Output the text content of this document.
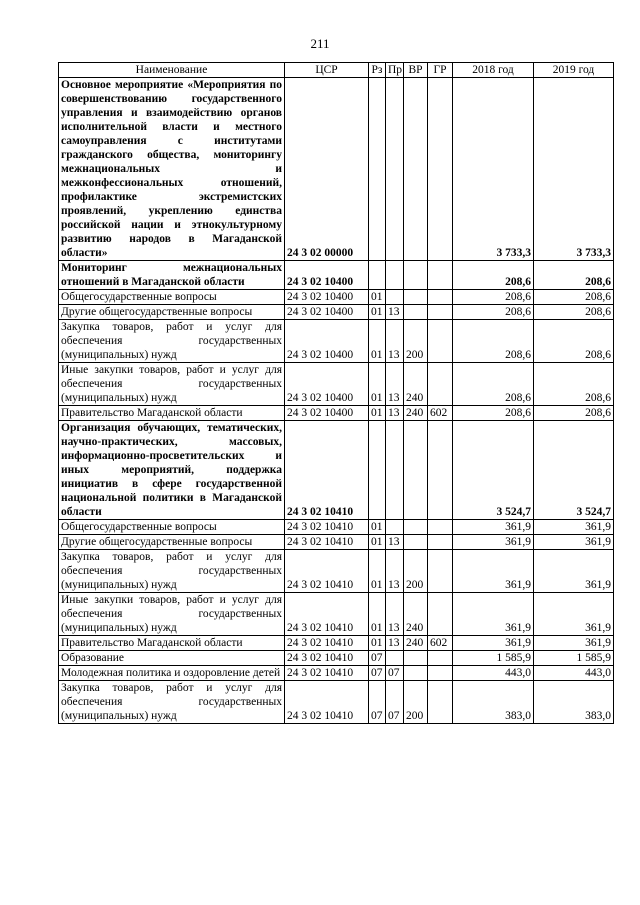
211
Наименование	ЦСР	Рз	Пр	ВР	ГР	2018 год	2019 год
Основное мероприятие «Мероприятия по совершенствованию государственного управления и взаимодействию органов исполнительной власти и местного самоуправления с институтами гражданского общества, мониторингу межнациональных и межконфессиональных отношений, профилактике экстремистских проявлений, укреплению единства российской нации и этнокультурному развитию народов в Магаданской области»	24 3 02 00000					3 733,3	3 733,3
Мониторинг межнациональных отношений в Магаданской области	24 3 02 10400					208,6	208,6
Общегосударственные вопросы	24 3 02 10400	01				208,6	208,6
Другие общегосударственные вопросы	24 3 02 10400	01	13			208,6	208,6
Закупка товаров, работ и услуг для обеспечения государственных (муниципальных) нужд	24 3 02 10400	01	13	200		208,6	208,6
Иные закупки товаров, работ и услуг для обеспечения государственных (муниципальных) нужд	24 3 02 10400	01	13	240		208,6	208,6
Правительство Магаданской области	24 3 02 10400	01	13	240	602	208,6	208,6
Организация обучающих, тематических, научно-практических, массовых, информационно-просветительских и иных мероприятий, поддержка инициатив в сфере государственной национальной политики в Магаданской области	24 3 02 10410					3 524,7	3 524,7
Общегосударственные вопросы	24 3 02 10410	01				361,9	361,9
Другие общегосударственные вопросы	24 3 02 10410	01	13			361,9	361,9
Закупка товаров, работ и услуг для обеспечения государственных (муниципальных) нужд	24 3 02 10410	01	13	200		361,9	361,9
Иные закупки товаров, работ и услуг для обеспечения государственных (муниципальных) нужд	24 3 02 10410	01	13	240		361,9	361,9
Правительство Магаданской области	24 3 02 10410	01	13	240	602	361,9	361,9
Образование	24 3 02 10410	07				1 585,9	1 585,9
Молодежная политика и оздоровление детей	24 3 02 10410	07	07			443,0	443,0
Закупка товаров, работ и услуг для обеспечения государственных (муниципальных) нужд	24 3 02 10410	07	07	200		383,0	383,0
